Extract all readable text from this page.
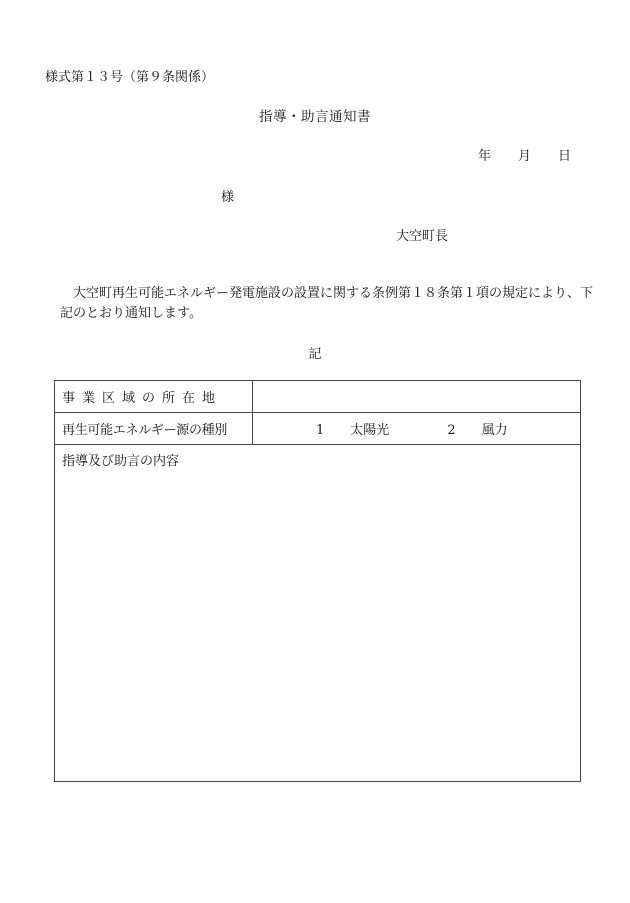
様式第１３号（第９条関係）
指導・助言通知書
年 月 日
様
大空町長
大空町再生可能エネルギー発電施設の設置に関する条例第１８条第１項の規定により、下記のとおり通知します。
記
事業区域の所在地	
再生可能エネルギー源の種別	1　　 太陽光 2　　 風力

指導及び助言の内容	
